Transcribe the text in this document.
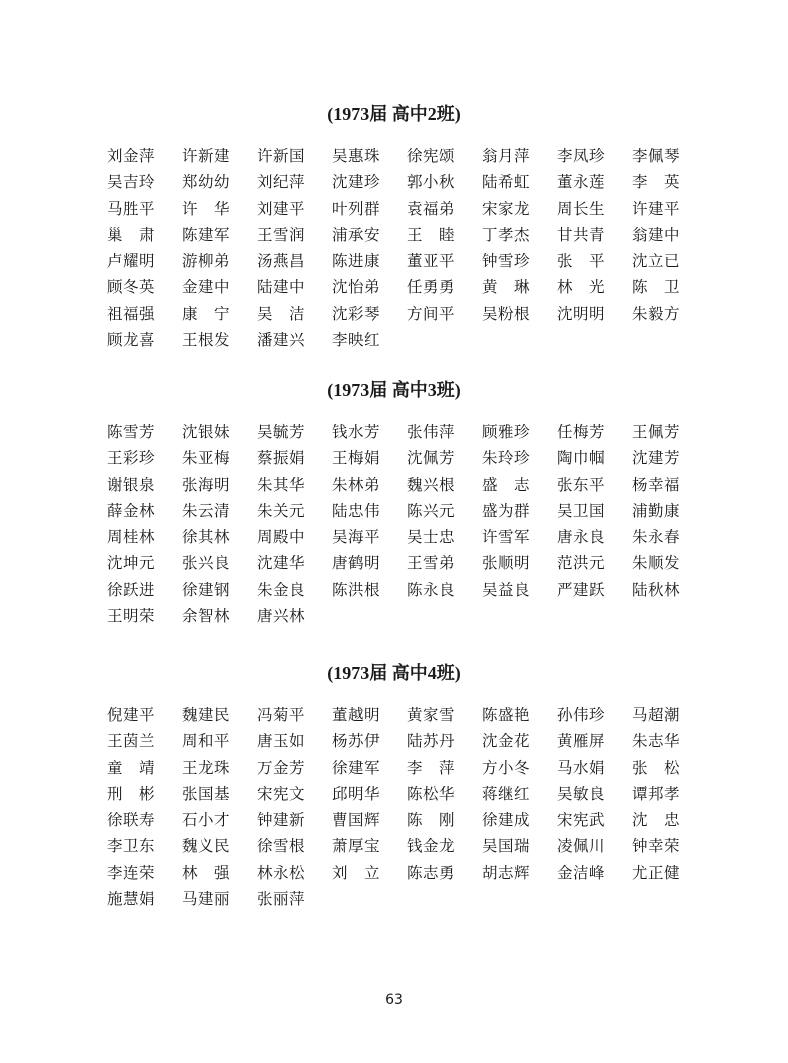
(1973届 高中2班)
刘金萍	许新建	许新国	吴惠珠	徐宪颂	翁月萍	李凤珍	李佩琴
吴吉玲	郑幼幼	刘纪萍	沈建珍	郭小秋	陆希虹	董永莲	李　英
马胜平	许　华	刘建平	叶列群	袁福弟	宋家龙	周长生	许建平
巢　肃	陈建军	王雪润	浦承安	王　睦	丁孝杰	甘共青	翁建中
卢耀明	游柳弟	汤燕昌	陈进康	董亚平	钟雪珍	张　平	沈立已
顾冬英	金建中	陆建中	沈怡弟	任勇勇	黄　琳	林　光	陈　卫
祖福强	康　宁	吴　洁	沈彩琴	方间平	吴粉根	沈明明	朱毅方
顾龙喜	王根发	潘建兴	李映红
(1973届 高中3班)
陈雪芳	沈银妹	吴毓芳	钱水芳	张伟萍	顾雅珍	任梅芳	王佩芳
王彩珍	朱亚梅	蔡振娟	王梅娟	沈佩芳	朱玲珍	陶巾帼	沈建芳
谢银泉	张海明	朱其华	朱林弟	魏兴根	盛　志	张东平	杨幸福
薛金林	朱云清	朱关元	陆忠伟	陈兴元	盛为群	吴卫国	浦勤康
周桂林	徐其林	周殿中	吴海平	吴士忠	许雪军	唐永良	朱永春
沈坤元	张兴良	沈建华	唐鹤明	王雪弟	张顺明	范洪元	朱顺发
徐跃进	徐建钢	朱金良	陈洪根	陈永良	吴益良	严建跃	陆秋林
王明荣	余智林	唐兴林
(1973届 高中4班)
倪建平	魏建民	冯菊平	董越明	黄家雪	陈盛艳	孙伟珍	马超潮
王茵兰	周和平	唐玉如	杨苏伊	陆苏丹	沈金花	黄雁屏	朱志华
童　靖	王龙珠	万金芳	徐建军	李　萍	方小冬	马水娟	张　松
刑　彬	张国基	宋宪文	邱明华	陈松华	蒋继红	吴敏良	谭邦孝
徐联寿	石小才	钟建新	曹国辉	陈　刚	徐建成	宋宪武	沈　忠
李卫东	魏义民	徐雪根	萧厚宝	钱金龙	吴国瑞	凌佩川	钟幸荣
李连荣	林　强	林永松	刘　立	陈志勇	胡志辉	金洁峰	尤正健
施慧娟	马建丽	张丽萍
63
